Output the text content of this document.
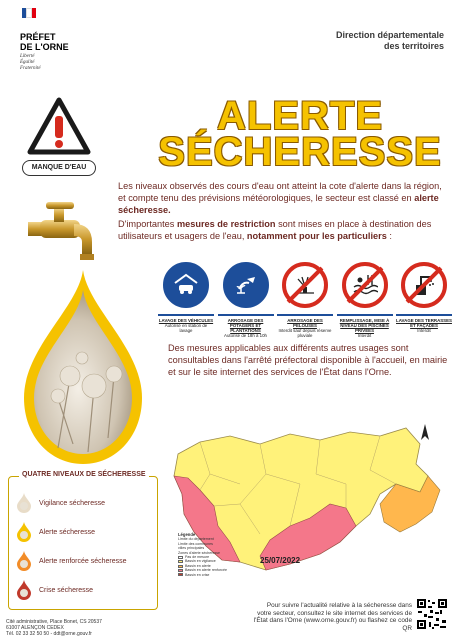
PRÉFET
DE L'ORNE
Liberté
Égalité
Fraternité
Direction départementale des territoires
MANQUE D'EAU
ALERTE
SÉCHERESSE

Les niveaux observés des cours d'eau ont atteint la cote d'alerte dans la région, et compte tenu des prévisions météorologiques, le secteur est classé en alerte sécheresse.

D'importantes mesures de restriction sont mises en place à destination des utilisateurs et usagers de l'eau, notamment pour les particuliers :

LAVAGE DES VÉHICULES
Autorisé en station de lavage
ARROSAGE DES POTAGERS ET PLANTATIONS
Autorisé de 18h à 10h
ARROSAGE DES PELOUSES
Interdit sauf depuis réserve pluviale
REMPLISSAGE, MISE À NIVEAU DES PISCINES PRIVÉES
Interdit
LAVAGE DES TERRASSES ET FAÇADES
Interdit
Des mesures applicables aux différents autres usages sont consultables dans l'arrêté préfectoral disponible à l'accueil, en mairie et sur le site internet des services de l'État dans l'Orne.
Légende
Limite du département
Limite des communes
villes principales
Zones d'alerte sécheresse
Pas de mesure
Bassin en vigilance
Bassin en alerte
Bassin en alerte renforcée
Bassin en crise
25/07/2022
QUATRE NIVEAUX DE SÉCHERESSE
Vigilance sécheresse
Alerte sécheresse
Alerte renforcée sécheresse
Crise sécheresse
Cité administrative, Place Bonet, CS 20537
61007 ALENÇON CEDEX
Tél. 02 33 32 50 50 - ddt@orne.gouv.fr
Pour suivre l'actualité relative à la sécheresse dans votre secteur, consultez le site internet des services de l'État dans l'Orne (www.orne.gouv.fr) ou flashez ce code QR
